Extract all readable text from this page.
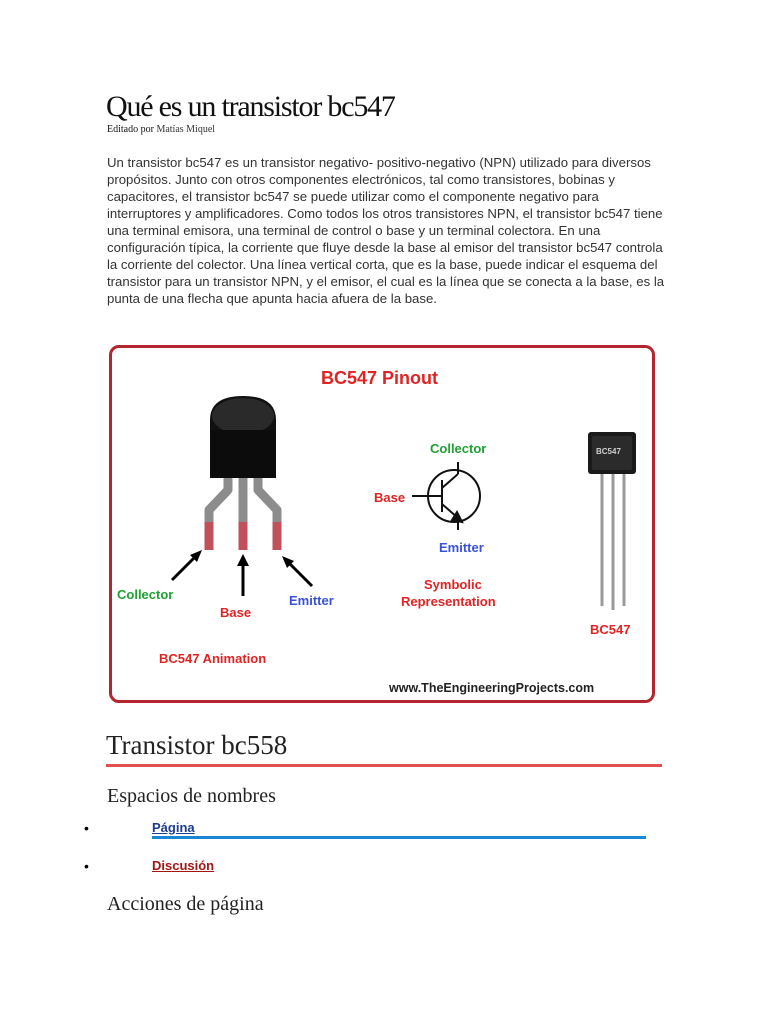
Qué es un transistor bc547
Editado por Matías Miquel

Un transistor bc547 es un transistor negativo- positivo-negativo (NPN) utilizado para diversos propósitos. Junto con otros componentes electrónicos, tal como transistores, bobinas y capacitores, el transistor bc547 se puede utilizar como el componente negativo para interruptores y amplificadores. Como todos los otros transistores NPN, el transistor bc547 tiene una terminal emisora, una terminal de control o base y un terminal colectora. En una configuración típica, la corriente que fluye desde la base al emisor del transistor bc547 controla la corriente del colector. Una línea vertical corta, que es la base, puede indicar el esquema del transistor para un transistor NPN, y el emisor, el cual es la línea que se conecta a la base, es la punta de una flecha que apunta hacia afuera de la base.

BC547 Pinout
Collector
Base
Emitter
BC547 Animation
Collector
Base
Emitter
Symbolic
Representation
BC547
BC547
www.TheEngineeringProjects.com
Transistor bc558
Espacios de nombres
•	Página
•	Discusión
Acciones de página
